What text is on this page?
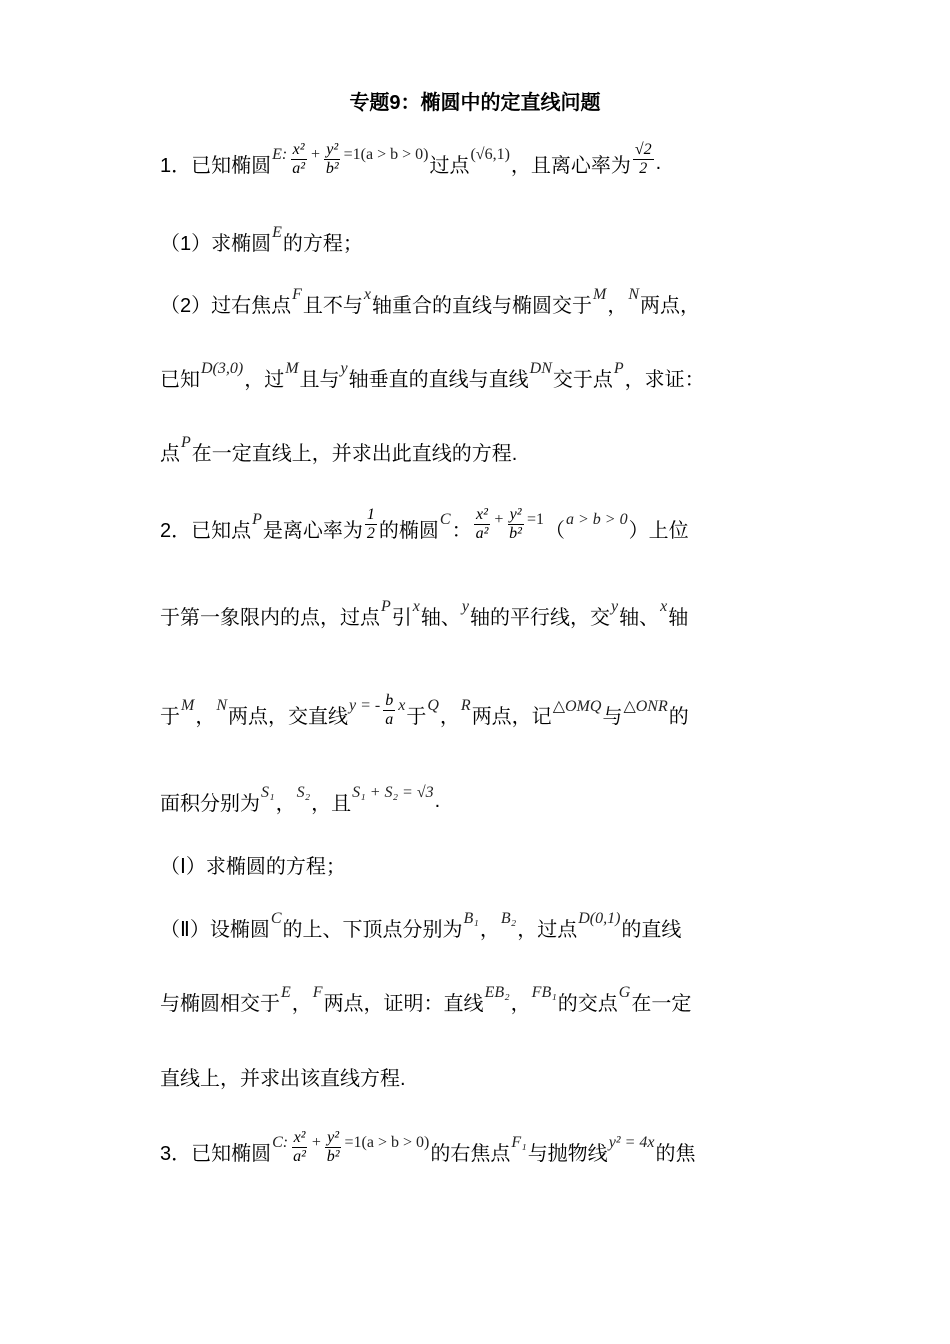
专题9：椭圆中的定直线问题
1．已知椭圆 E: $\frac{\text{x²}}{\text{a²}} + \frac{\text{y²}}{\text{b²}} =1(a > b > 0)$ 过点 (√6,1) ，且离心率为 $\frac{√2}{2}$ .
（1）求椭圆 E 的方程；
（2）过右焦点 F 且不与 x 轴重合的直线与椭圆交于 M ， N 两点，
已知 D(3,0) ，过 M 且与 y 轴垂直的直线与直线 DN 交于点 P ，求证：
点 P 在一定直线上，并求出此直线的方程.
2．已知点 P 是离心率为 $\frac{1}{2}$ 的椭圆 C ： $\frac{\text{x²}}{\text{a²}} + \frac{\text{y²}}{\text{b²}} =1$ （ a > b > 0 ）上位
于第一象限内的点，过点 P 引 x 轴、 y 轴的平行线，交 y 轴、 x 轴
于 M ， N 两点，交直线 y = - $\frac{b}{a}$ x 于 Q ， R 两点，记 △OMQ 与 △ONR 的
面积分别为 S₁ ， S₂ ，且 S₁ + S₂ = √3 .
（Ⅰ）求椭圆的方程；
（Ⅱ）设椭圆 C 的上、下顶点分别为 B₁ ， B₂ ，过点 D(0,1) 的直线
与椭圆相交于 E ， F 两点，证明：直线 EB₂ ， FB₁ 的交点 G 在一定
直线上，并求出该直线方程.
3．已知椭圆 C: $\frac{\text{x²}}{\text{a²}} + \frac{\text{y²}}{\text{b²}} =1(a > b > 0)$ 的右焦点 F₁ 与抛物线 y² = 4x 的焦
